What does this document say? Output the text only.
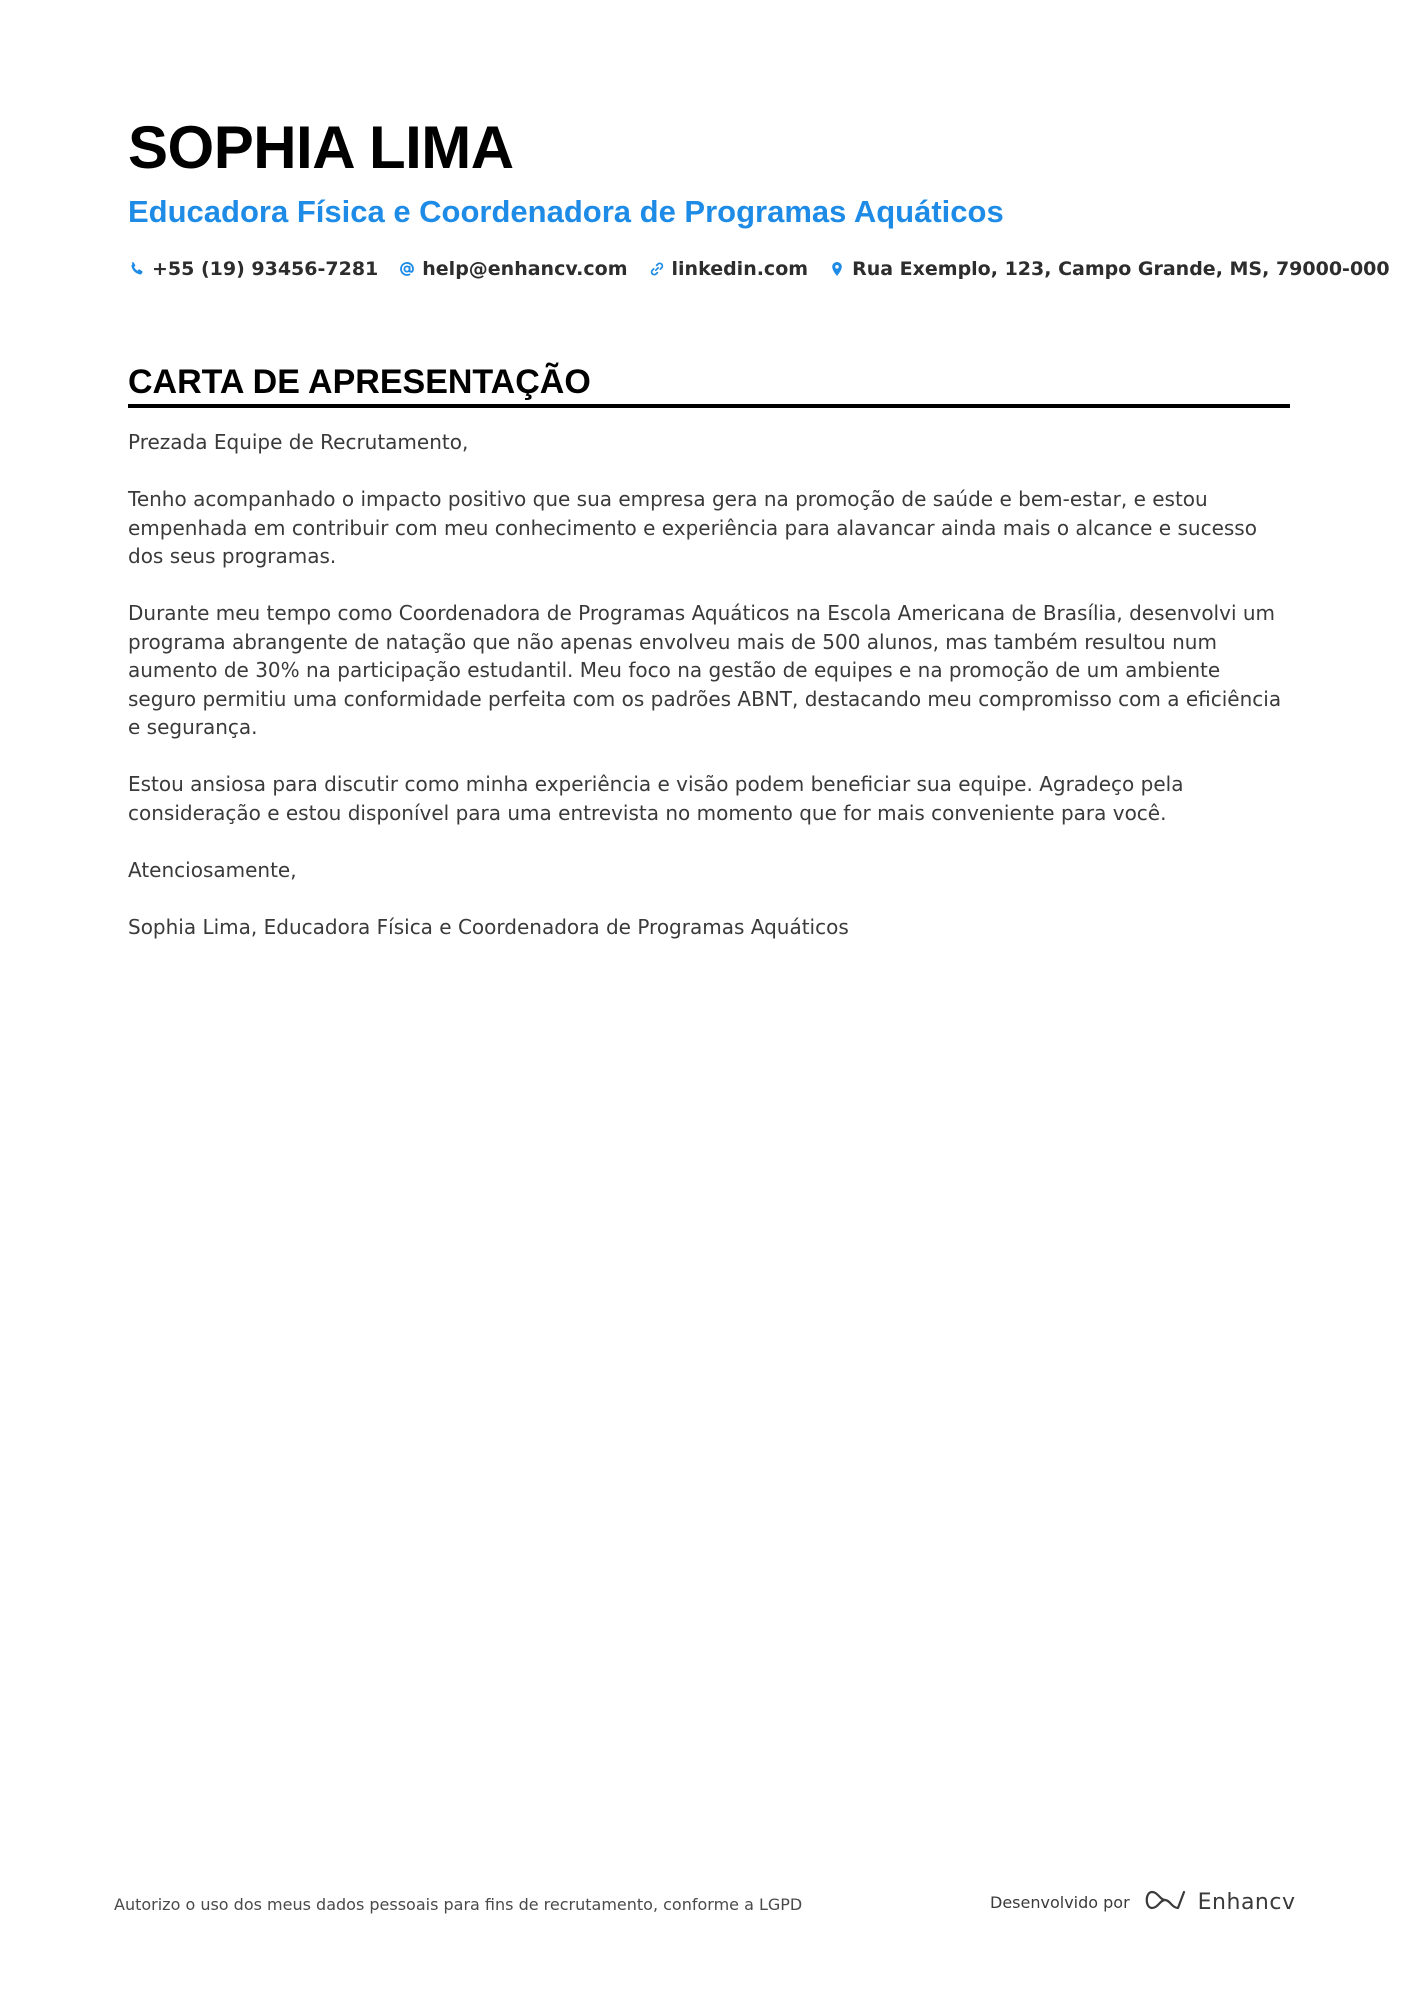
SOPHIA LIMA
Educadora Física e Coordenadora de Programas Aquáticos
+55 (19) 93456-7281 help@enhancv.com linkedin.com Rua Exemplo, 123, Campo Grande, MS, 79000-000
CARTA DE APRESENTAÇÃO

Prezada Equipe de Recrutamento,

Tenho acompanhado o impacto positivo que sua empresa gera na promoção de saúde e bem-estar, e estou empenhada em contribuir com meu conhecimento e experiência para alavancar ainda mais o alcance e sucesso dos seus programas.

Durante meu tempo como Coordenadora de Programas Aquáticos na Escola Americana de Brasília, desenvolvi um programa abrangente de natação que não apenas envolveu mais de 500 alunos, mas também resultou num aumento de 30% na participação estudantil. Meu foco na gestão de equipes e na promoção de um ambiente seguro permitiu uma conformidade perfeita com os padrões ABNT, destacando meu compromisso com a eficiência e segurança.

Estou ansiosa para discutir como minha experiência e visão podem beneficiar sua equipe. Agradeço pela consideração e estou disponível para uma entrevista no momento que for mais conveniente para você.

Atenciosamente,

Sophia Lima, Educadora Física e Coordenadora de Programas Aquáticos

Autorizo o uso dos meus dados pessoais para fins de recrutamento, conforme a LGPD	Desenvolvido por	Enhancv
